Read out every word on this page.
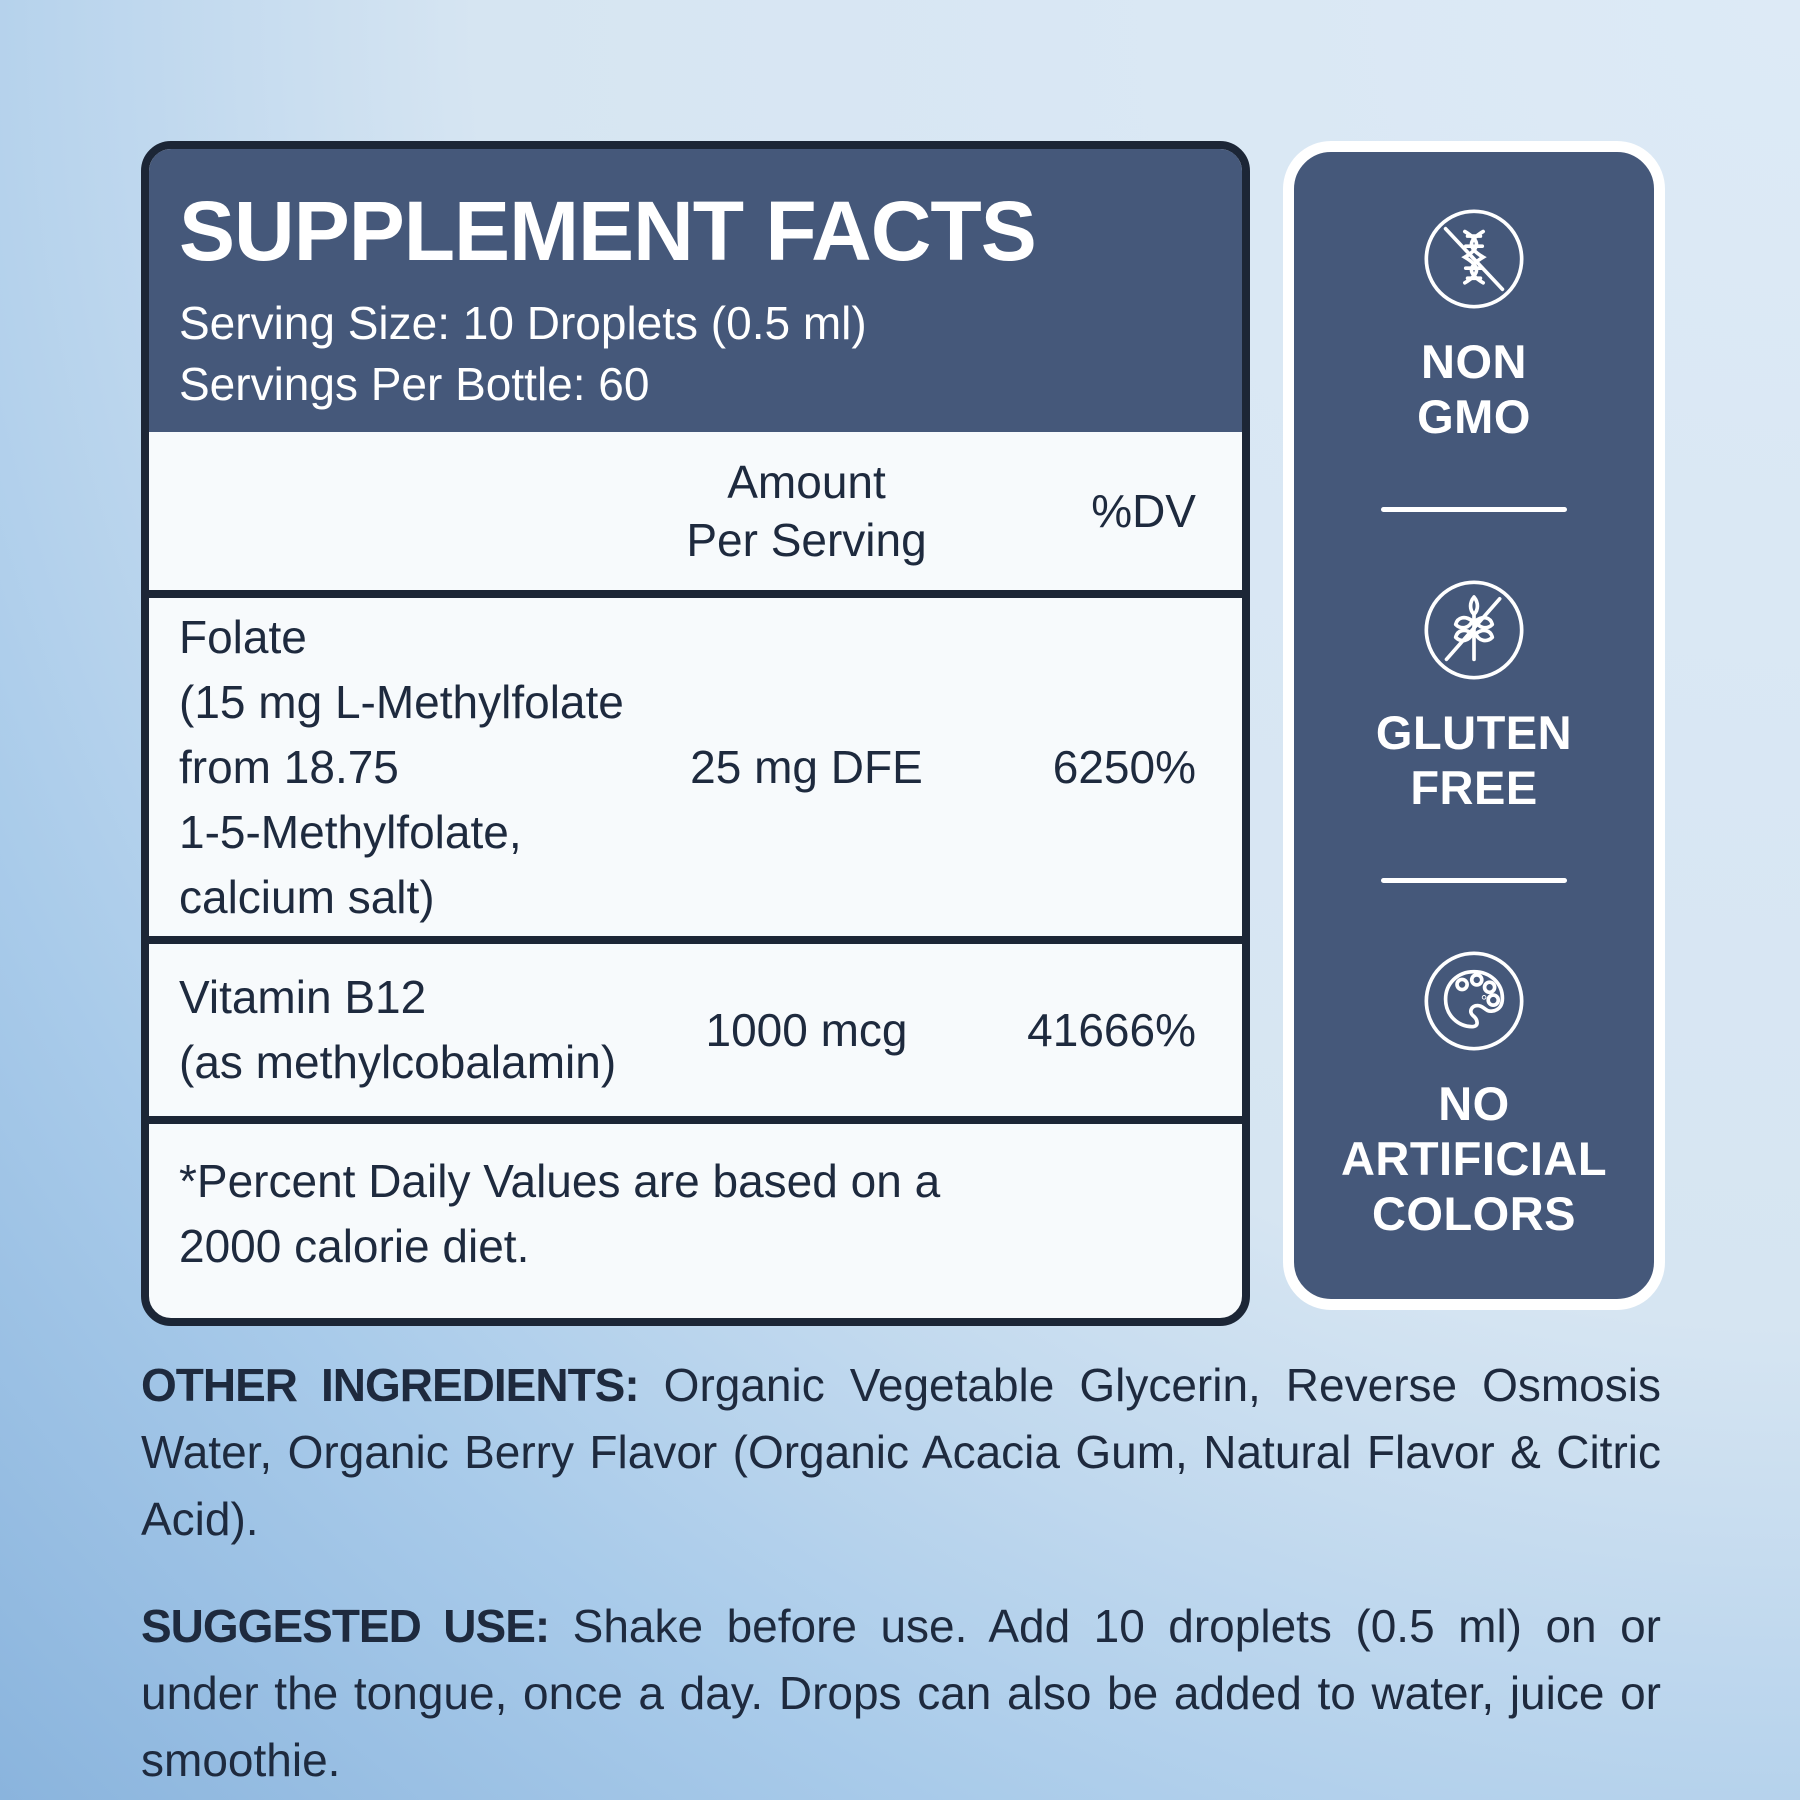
SUPPLEMENT FACTS

Serving Size: 10 Droplets (0.5 ml)

Servings Per Bottle: 60

Amount
Per Serving
%DV
Folate
(15 mg L-Methylfolate
from 18.75
1-5-Methylfolate,
calcium salt)
25 mg DFE	6250%
Vitamin B12
(as methylcobalamin)
1000 mcg	41666%
*Percent Daily Values are based on a
2000 calorie diet.
NON
GMO
GLUTEN
FREE
NO
ARTIFICIAL
COLORS

OTHER INGREDIENTS: Organic Vegetable Glycerin, Reverse Osmosis Water, Organic Berry Flavor (Organic Acacia Gum, Natural Flavor & Citric Acid).

SUGGESTED USE: Shake before use. Add 10 droplets (0.5 ml) on or under the tongue, once a day. Drops can also be added to water, juice or smoothie.
